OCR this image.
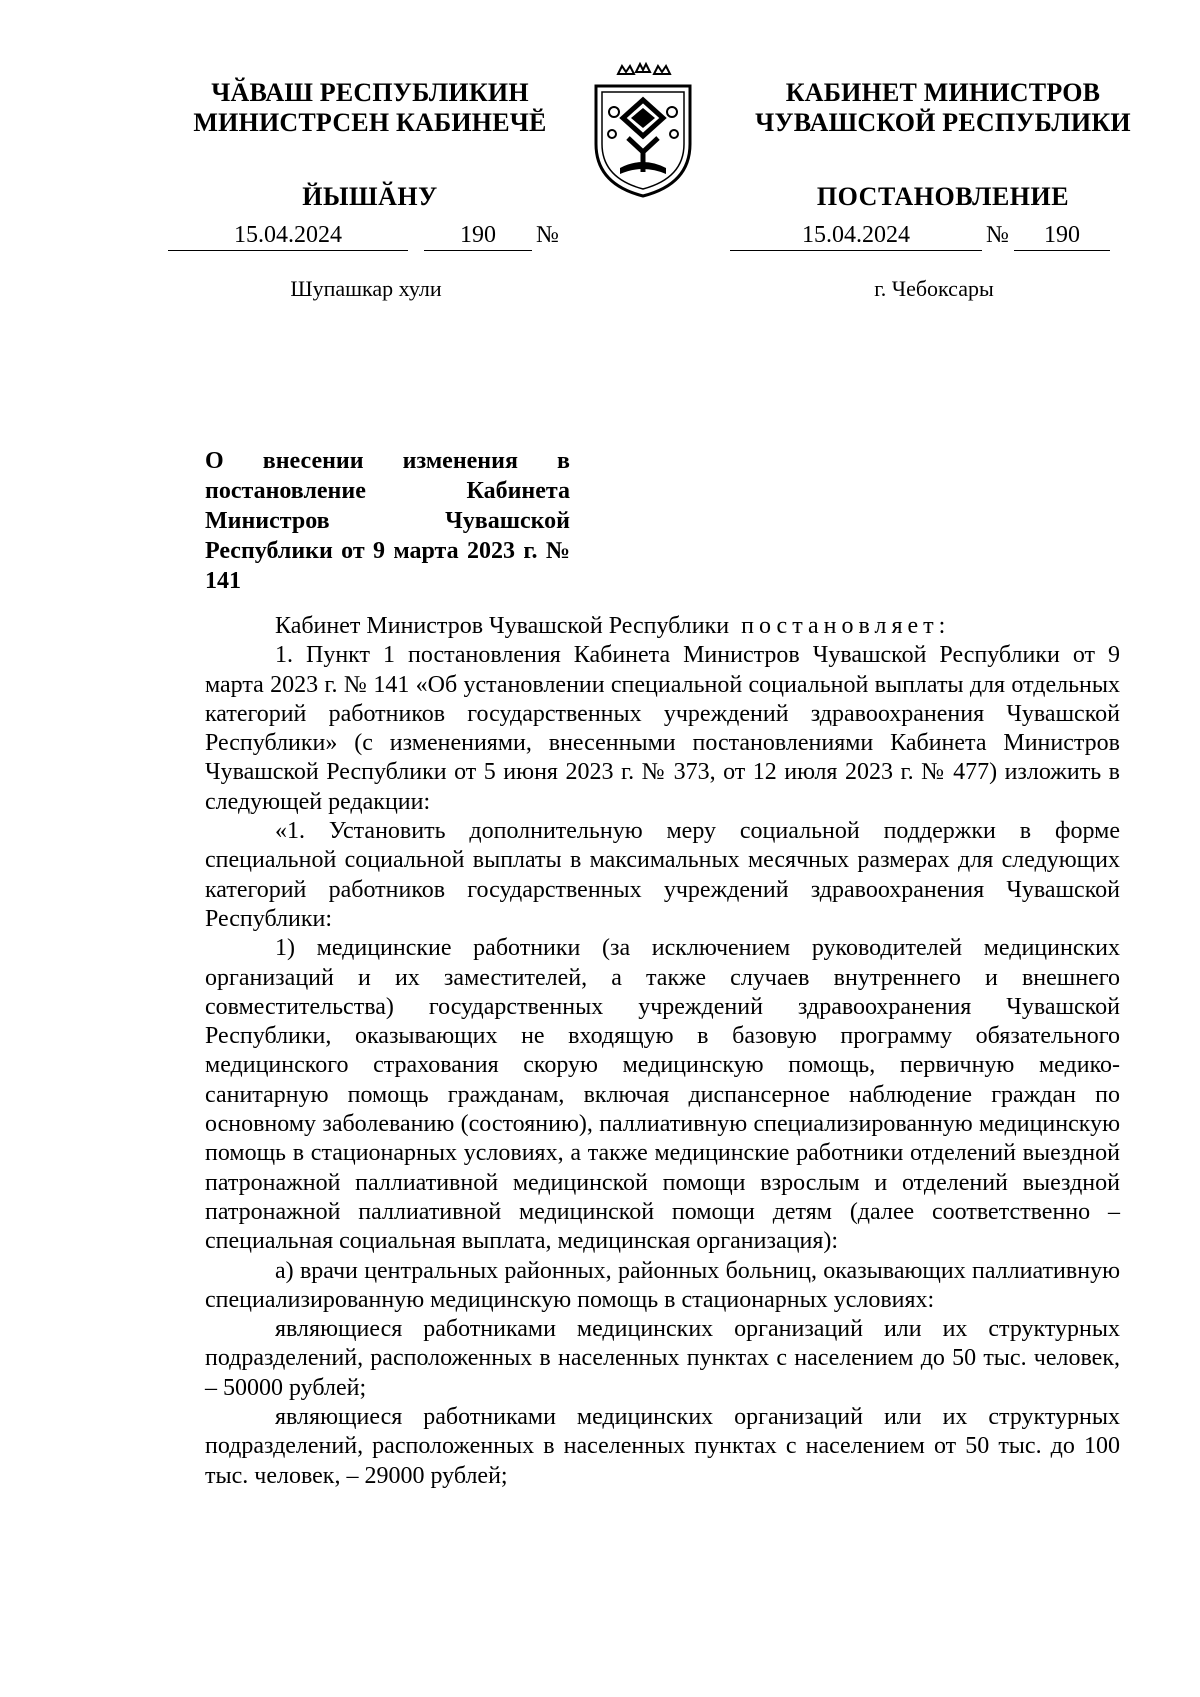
ЧӐВАШ РЕСПУБЛИКИН
МИНИСТРСЕН КАБИНЕЧӖ
ЙЫШӐНУ
КАБИНЕТ МИНИСТРОВ
ЧУВАШСКОЙ РЕСПУБЛИКИ
ПОСТАНОВЛЕНИЕ
15.04.2024	190	№	15.04.2024	№	190
Шупашкар хули	г. Чебоксары
О внесении изменения в постановление Кабинета Министров Чувашской Республики от 9 марта 2023 г. № 141

Кабинет Министров Чувашской Республики постановляет:

1. Пункт 1 постановления Кабинета Министров Чувашской Республики от 9 марта 2023 г. № 141 «Об установлении специальной социальной выплаты для отдельных категорий работников государственных учреждений здравоохранения Чувашской Республики» (с изменениями, внесенными постановлениями Кабинета Министров Чувашской Республики от 5 июня 2023 г. № 373, от 12 июля 2023 г. № 477) изложить в следующей редакции:

«1. Установить дополнительную меру социальной поддержки в форме специальной социальной выплаты в максимальных месячных размерах для следующих категорий работников государственных учреждений здравоохранения Чувашской Республики:

1) медицинские работники (за исключением руководителей медицинских организаций и их заместителей, а также случаев внутреннего и внешнего совместительства) государственных учреждений здравоохранения Чувашской Республики, оказывающих не входящую в базовую программу обязательного медицинского страхования скорую медицинскую помощь, первичную медико-санитарную помощь гражданам, включая диспансерное наблюдение граждан по основному заболеванию (состоянию), паллиативную специализированную медицинскую помощь в стационарных условиях, а также медицинские работники отделений выездной патронажной паллиативной медицинской помощи взрослым и отделений выездной патронажной паллиативной медицинской помощи детям (далее соответственно – специальная социальная выплата, медицинская организация):

а) врачи центральных районных, районных больниц, оказывающих паллиативную специализированную медицинскую помощь в стационарных условиях:

являющиеся работниками медицинских организаций или их структурных подразделений, расположенных в населенных пунктах с населением до 50 тыс. человек, – 50000 рублей;

являющиеся работниками медицинских организаций или их структурных подразделений, расположенных в населенных пунктах с населением от 50 тыс. до 100 тыс. человек, – 29000 рублей;
